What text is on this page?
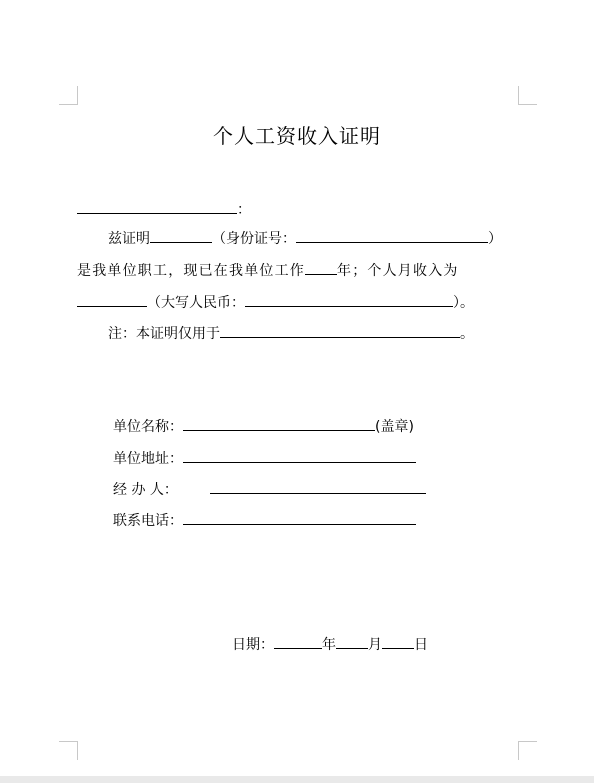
个人工资收入证明
：
兹证明	（身份证号：	）
是我单位职工，现已在我单位工作 年；个人月收入为
（大写人民币：	）。
注：本证明仅用于	。
单位名称：	(盖章)
单位地址：
经 办 人：
联系电话：
日期：	年 月 日
